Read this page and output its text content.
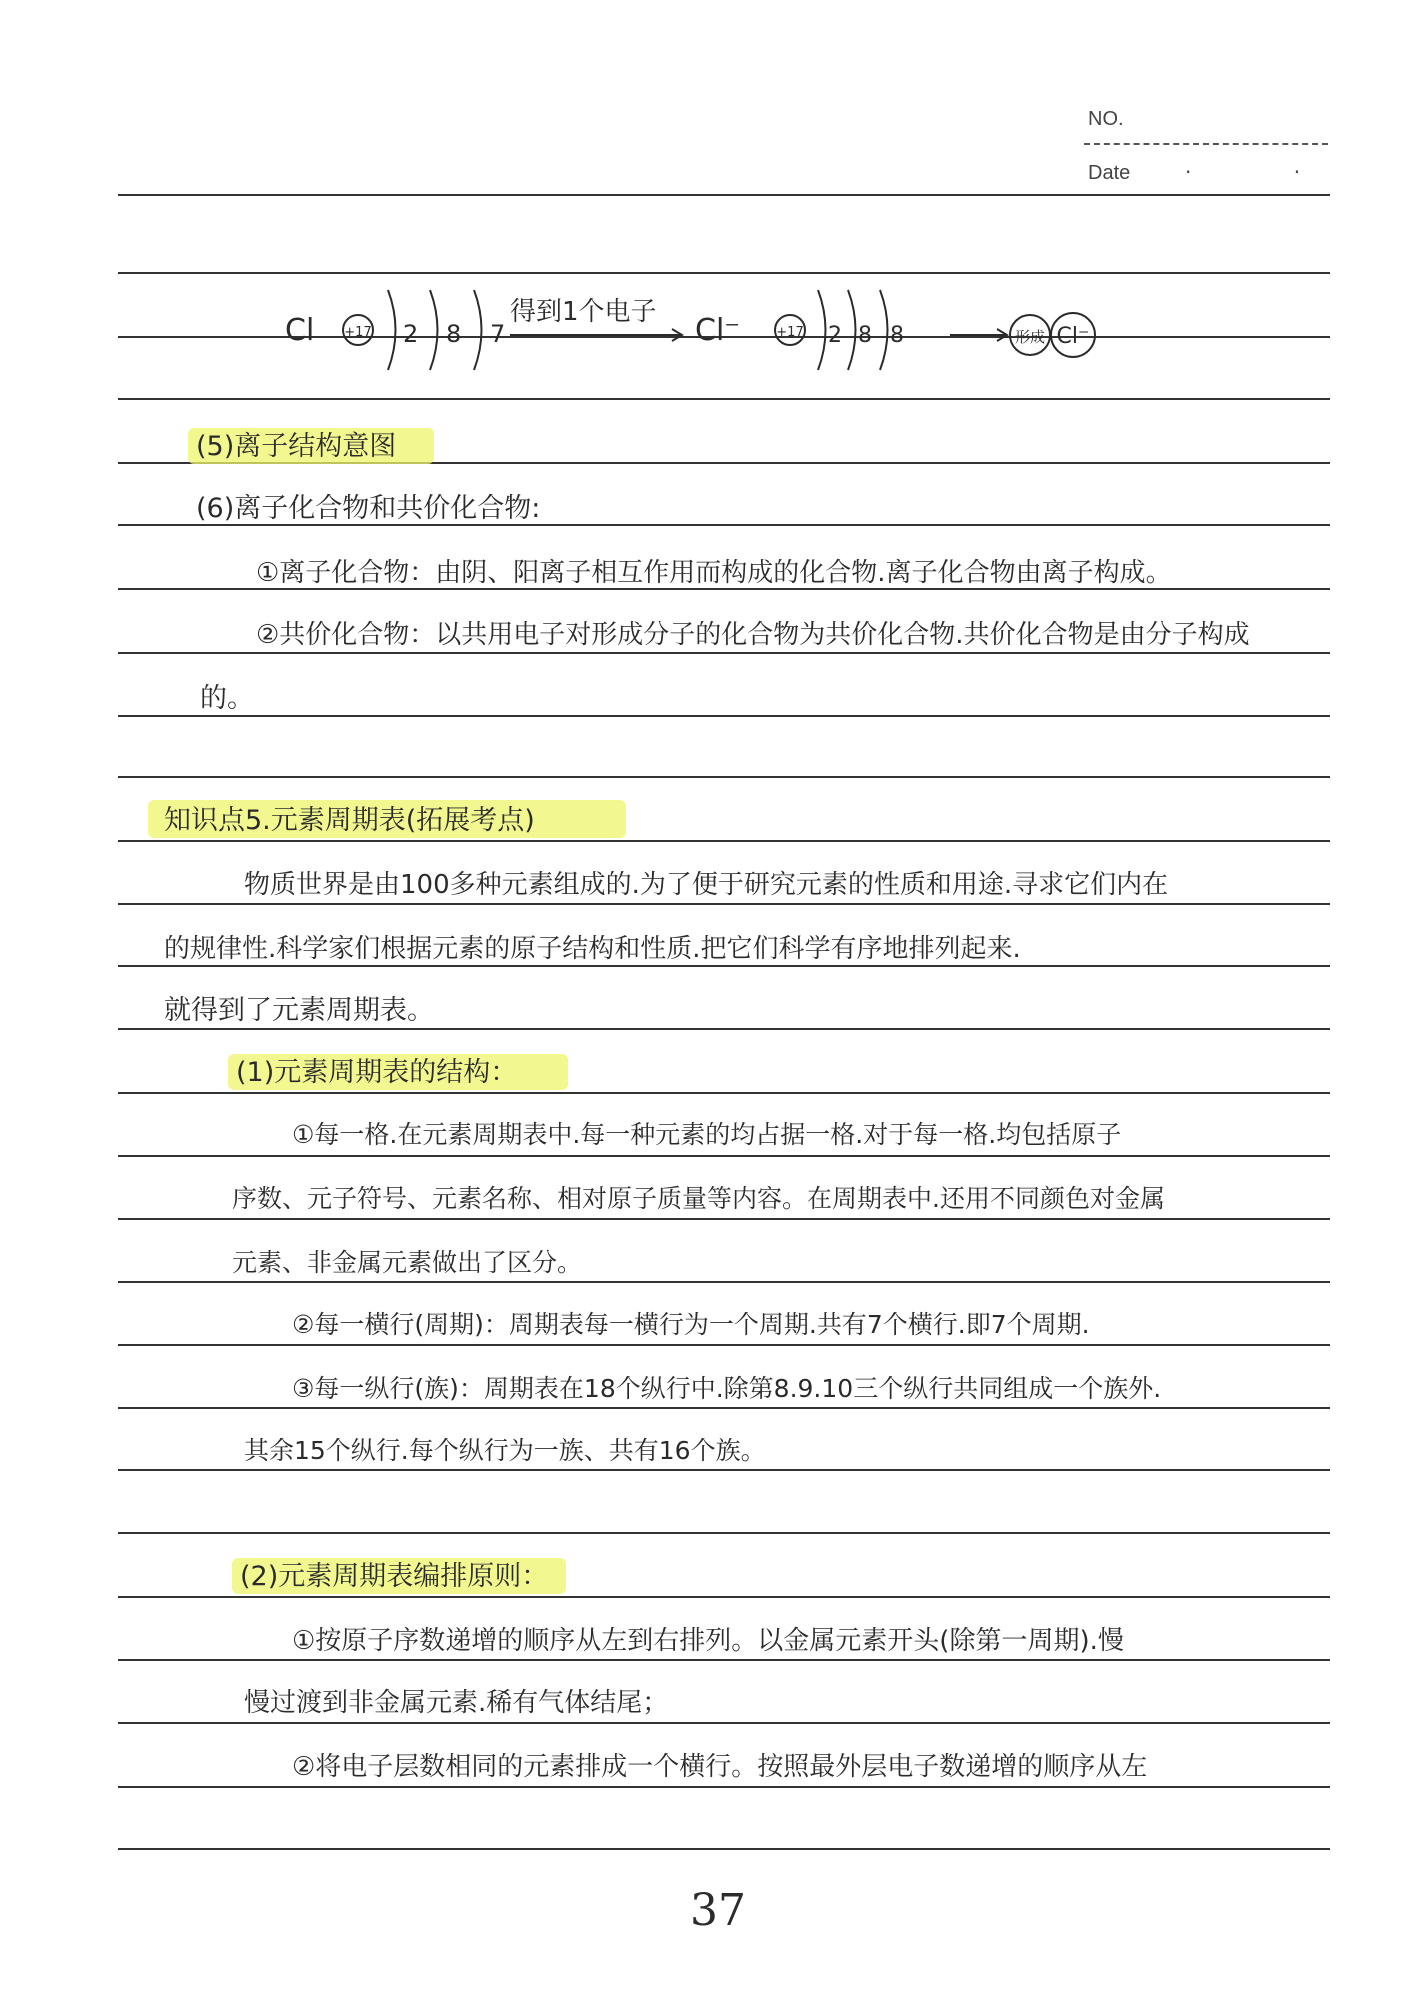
NO.
Date	· ·
Cl +17 2 8 7
得到1个电子
Cl⁻	+17 2 8 8	形成 Cl⁻
(5)离子结构意图
(6)离子化合物和共价化合物:
①离子化合物：由阴、阳离子相互作用而构成的化合物.离子化合物由离子构成。
②共价化合物：以共用电子对形成分子的化合物为共价化合物.共价化合物是由分子构成
的。
知识点5.元素周期表(拓展考点)
物质世界是由100多种元素组成的.为了便于研究元素的性质和用途.寻求它们内在
的规律性.科学家们根据元素的原子结构和性质.把它们科学有序地排列起来.
就得到了元素周期表。
(1)元素周期表的结构：
①每一格.在元素周期表中.每一种元素的均占据一格.对于每一格.均包括原子
序数、元子符号、元素名称、相对原子质量等内容。在周期表中.还用不同颜色对金属
元素、非金属元素做出了区分。
②每一横行(周期)：周期表每一横行为一个周期.共有7个横行.即7个周期.
③每一纵行(族)：周期表在18个纵行中.除第8.9.10三个纵行共同组成一个族外.
其余15个纵行.每个纵行为一族、共有16个族。
(2)元素周期表编排原则：
①按原子序数递增的顺序从左到右排列。以金属元素开头(除第一周期).慢
慢过渡到非金属元素.稀有气体结尾；
②将电子层数相同的元素排成一个横行。按照最外层电子数递增的顺序从左
37
